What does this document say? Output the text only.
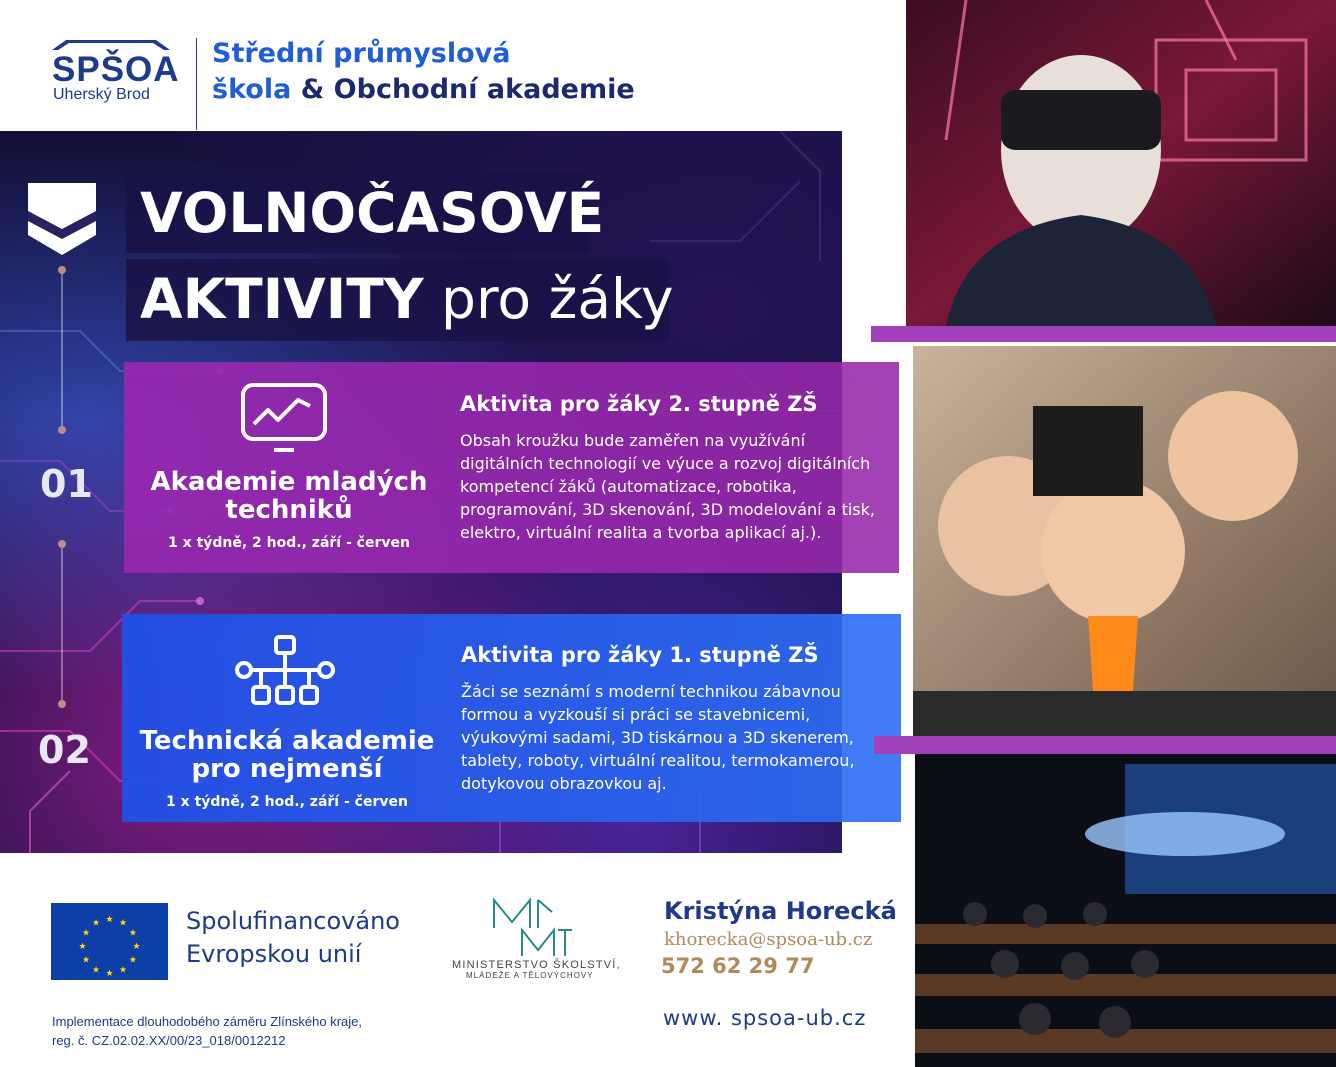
SPŠOA
Uherský Brod
Střední průmyslová
škola & Obchodní akademie
01
02
VOLNOČASOVÉ
AKTIVITY pro žáky
Akademie mladých techniků
1 x týdně, 2 hod., září - červen
Aktivita pro žáky 2. stupně ZŠ
Obsah kroužku bude zaměřen na využívání digitálních technologií ve výuce a rozvoj digitálních kompetencí žáků (automatizace, robotika, programování, 3D skenování, 3D modelování a tisk, elektro, virtuální realita a tvorba aplikací aj.).
Technická akademie pro nejmenší
1 x týdně, 2 hod., září - červen
Aktivita pro žáky 1. stupně ZŠ
Žáci se seznámí s moderní technikou zábavnou formou a vyzkouší si práci se stavebnicemi, výukovými sadami, 3D tiskárnou a 3D skenerem, tablety, roboty, virtuální realitou, termokamerou, dotykovou obrazovkou aj.
★ ★
★
★
★
★
★
★
★
★
★
★	Spolufinancováno
Evropskou unií
Implementace dlouhodobého záměru Zlínského kraje,
reg. č. CZ.02.02.XX/00/23_018/0012212
MINISTERSTVO ŠKOLSTVÍ,
MLÁDEŽE A TĚLOVÝCHOVY
Kristýna Horecká
khorecka@spsoa-ub.cz
572 62 29 77
www. spsoa-ub.cz
